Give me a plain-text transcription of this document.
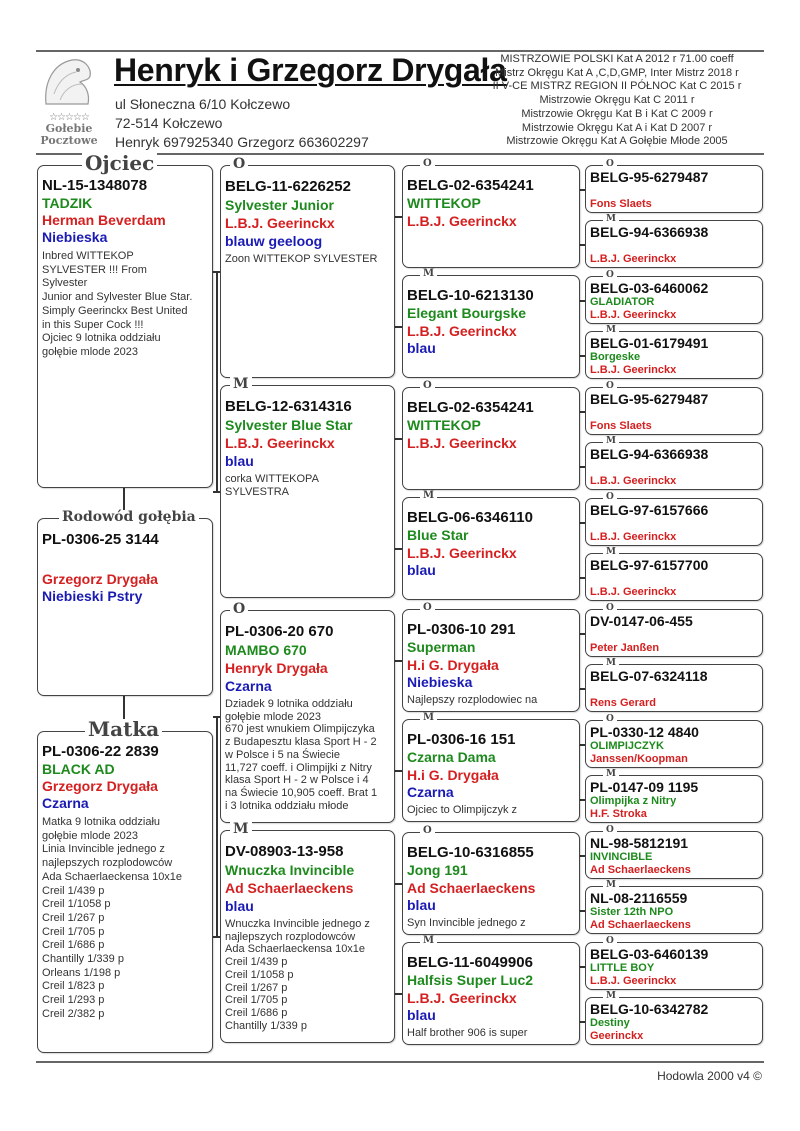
☆☆☆☆☆
Gołebie
Pocztowe
Henryk i Grzegorz Drygała
ul Słoneczna 6/10 Kołczewo
72-514 Kołczewo
Henryk 697925340 Grzegorz 663602297
MISTRZOWIE POLSKI Kat A 2012 r 71.00 coeff
Mistrz Okręgu Kat A ,C,D,GMP, Inter Mistrz 2018 r
II V-CE MISTRZ REGION II PÓŁNOC Kat C 2015 r
Mistrzowie Okręgu Kat C 2011 r
Mistrzowie Okręgu Kat B i Kat C 2009 r
Mistrzowie Okręgu Kat A i Kat D 2007 r
Mistrzowie Okręgu Kat A Gołębie Młode 2005
NL-15-1348078
TADZIK
Herman Beverdam
Niebieska
Inbred WITTEKOP
SYLVESTER !!! From
Sylvester
Junior and Sylvester Blue Star.
Simply Geerinckx Best United
in this Super Cock !!!
Ojciec 9 lotnika oddziału
gołębie mlode 2023
Ojciec
PL-0306-25 3144
Grzegorz Drygała
Niebieski Pstry
Rodowód gołębia
PL-0306-22 2839
BLACK AD
Grzegorz Drygała
Czarna
Matka 9 lotnika oddziału
gołębie mlode 2023
Linia Invincible jednego z
najlepszych rozplodowców
Ada Schaerlaeckensa 10x1e
Creil 1/439 p
Creil 1/1058 p
Creil 1/267 p
Creil 1/705 p
Creil 1/686 p
Chantilly 1/339 p
Orleans 1/198 p
Creil 1/823 p
Creil 1/293 p
Creil 2/382 p
Matka
BELG-11-6226252
Sylvester Junior
L.B.J. Geerinckx
blauw geeloog
Zoon WITTEKOP SYLVESTER
O
BELG-12-6314316
Sylvester Blue Star
L.B.J. Geerinckx
blau
corka WITTEKOPA
SYLVESTRA
M
PL-0306-20 670
MAMBO 670
Henryk Drygała
Czarna
Dziadek 9 lotnika oddziału
gołębie mlode 2023
670 jest wnukiem Olimpijczyka
z Budapesztu klasa Sport H - 2
w Polsce i 5 na Świecie
11,727 coeff. i Olimpijki z Nitry
klasa Sport H - 2 w Polsce i 4
na Świecie 10,905 coeff. Brat 1
i 3 lotnika oddziału młode
O
DV-08903-13-958
Wnuczka Invincible
Ad Schaerlaeckens
blau
Wnuczka Invincible jednego z
najlepszych rozplodowców
Ada Schaerlaeckensa 10x1e
Creil 1/439 p
Creil 1/1058 p
Creil 1/267 p
Creil 1/705 p
Creil 1/686 p
Chantilly 1/339 p
M
BELG-02-6354241
WITTEKOP
L.B.J. Geerinckx
O
BELG-10-6213130
Elegant Bourgske
L.B.J. Geerinckx
blau
M
BELG-02-6354241
WITTEKOP
L.B.J. Geerinckx
O
BELG-06-6346110
Blue Star
L.B.J. Geerinckx
blau
M
PL-0306-10 291
Superman
H.i G. Drygała
Niebieska
Najlepszy rozplodowiec na
O
PL-0306-16 151
Czarna Dama
H.i G. Drygała
Czarna
Ojciec to Olimpijczyk z
M
BELG-10-6316855
Jong 191
Ad Schaerlaeckens
blau
Syn Invincible jednego z
O
BELG-11-6049906
Halfsis Super Luc2
L.B.J. Geerinckx
blau
Half brother 906 is super
M
BELG-95-6279487
Fons Slaets
O
BELG-94-6366938
L.B.J. Geerinckx
M
BELG-03-6460062
GLADIATOR
L.B.J. Geerinckx
O
BELG-01-6179491
Borgeske
L.B.J. Geerinckx
M
BELG-95-6279487
Fons Slaets
O
BELG-94-6366938
L.B.J. Geerinckx
M
BELG-97-6157666
L.B.J. Geerinckx
O
BELG-97-6157700
L.B.J. Geerinckx
M
DV-0147-06-455
Peter Janßen
O
BELG-07-6324118
Rens Gerard
M
PL-0330-12 4840
OLIMPIJCZYK
Janssen/Koopman
O
PL-0147-09 1195
Olimpijka z Nitry
H.F. Stroka
M
NL-98-5812191
INVINCIBLE
Ad Schaerlaeckens
O
NL-08-2116559
Sister 12th NPO
Ad Schaerlaeckens
M
BELG-03-6460139
LITTLE BOY
L.B.J. Geerinckx
O
BELG-10-6342782
Destiny
Geerinckx
M
Hodowla 2000 v4 ©
